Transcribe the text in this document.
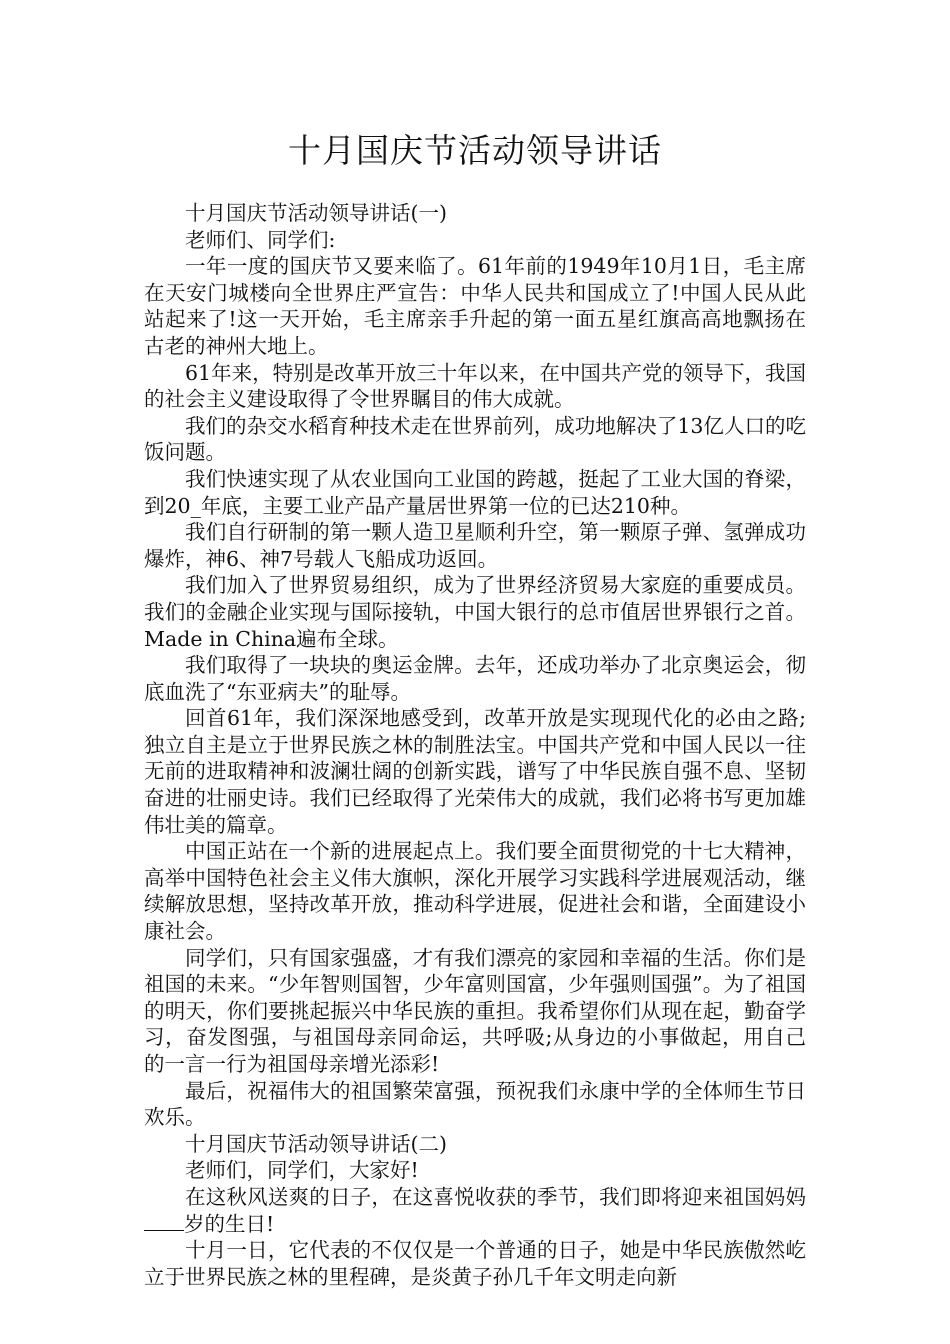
十月国庆节活动领导讲话

十月国庆节活动领导讲话(一)

老师们、同学们:

一年一度的国庆节又要来临了。61年前的1949年10月1日，毛主席在天安门城楼向全世界庄严宣告：中华人民共和国成立了!中国人民从此站起来了!这一天开始，毛主席亲手升起的第一面五星红旗高高地飘扬在古老的神州大地上。

61年来，特别是改革开放三十年以来，在中国共产党的领导下，我国的社会主义建设取得了令世界瞩目的伟大成就。

我们的杂交水稻育种技术走在世界前列，成功地解决了13亿人口的吃饭问题。

我们快速实现了从农业国向工业国的跨越，挺起了工业大国的脊梁，到20_年底，主要工业产品产量居世界第一位的已达210种。

我们自行研制的第一颗人造卫星顺利升空，第一颗原子弹、氢弹成功爆炸，神6、神7号载人飞船成功返回。

我们加入了世界贸易组织，成为了世界经济贸易大家庭的重要成员。我们的金融企业实现与国际接轨，中国大银行的总市值居世界银行之首。Made in China遍布全球。

我们取得了一块块的奥运金牌。去年，还成功举办了北京奥运会，彻底血洗了“东亚病夫”的耻辱。

回首61年，我们深深地感受到，改革开放是实现现代化的必由之路;独立自主是立于世界民族之林的制胜法宝。中国共产党和中国人民以一往无前的进取精神和波澜壮阔的创新实践，谱写了中华民族自强不息、坚韧奋进的壮丽史诗。我们已经取得了光荣伟大的成就，我们必将书写更加雄伟壮美的篇章。

中国正站在一个新的进展起点上。我们要全面贯彻党的十七大精神，高举中国特色社会主义伟大旗帜，深化开展学习实践科学进展观活动，继续解放思想，坚持改革开放，推动科学进展，促进社会和谐，全面建设小康社会。

同学们，只有国家强盛，才有我们漂亮的家园和幸福的生活。你们是祖国的未来。“少年智则国智，少年富则国富，少年强则国强”。为了祖国的明天，你们要挑起振兴中华民族的重担。我希望你们从现在起，勤奋学习，奋发图强，与祖国母亲同命运，共呼吸;从身边的小事做起，用自己的一言一行为祖国母亲增光添彩!

最后，祝福伟大的祖国繁荣富强，预祝我们永康中学的全体师生节日欢乐。

十月国庆节活动领导讲话(二)

老师们，同学们，大家好!

在这秋风送爽的日子，在这喜悦收获的季节，我们即将迎来祖国妈妈岁的生日!

十月一日，它代表的不仅仅是一个普通的日子，她是中华民族傲然屹立于世界民族之林的里程碑，是炎黄子孙几千年文明走向新
